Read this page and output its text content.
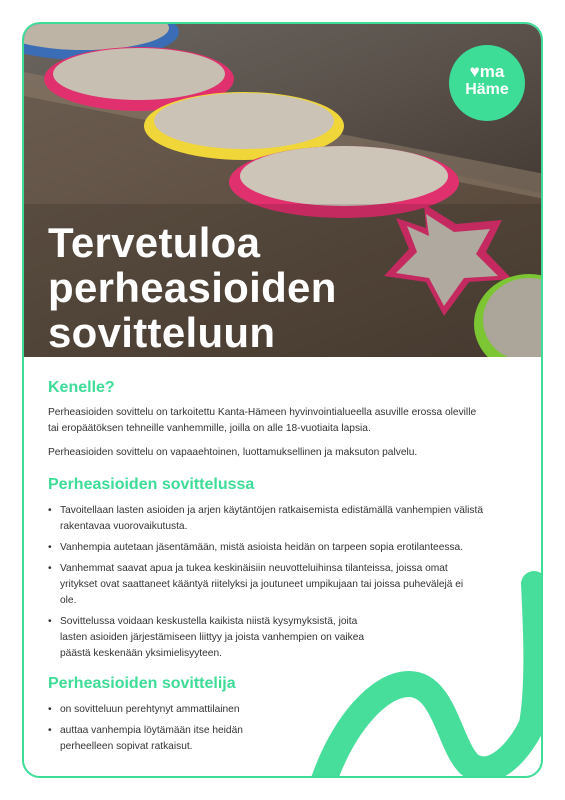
Tervetuloa
perheasioiden
sovitteluun
♥ma
Häme
Kenelle?

Perheasioiden sovittelu on tarkoitettu Kanta-Hämeen hyvinvointialueella asuville erossa oleville tai eropäätöksen tehneille vanhemmille, joilla on alle 18-vuotiaita lapsia.

Perheasioiden sovittelu on vapaaehtoinen, luottamuksellinen ja maksuton palvelu.

Perheasioiden sovittelussa
• Tavoitellaan lasten asioiden ja arjen käytäntöjen ratkaisemista edistämällä vanhempien välistä rakentavaa vuorovaikutusta.
• Vanhempia autetaan jäsentämään, mistä asioista heidän on tarpeen sopia erotilanteessa.
• Vanhemmat saavat apua ja tukea keskinäisiin neuvotteluihinsa tilanteissa, joissa omat yritykset ovat saattaneet kääntyä riitelyksi ja joutuneet umpikujaan tai joissa puhevälejä ei ole.
• Sovittelussa voidaan keskustella kaikista niistä kysymyksistä, joita lasten asioiden järjestämiseen liittyy ja joista vanhempien on vaikea päästä keskenään yksimielisyyteen.
Perheasioiden sovittelija
• on sovitteluun perehtynyt ammattilainen
• auttaa vanhempia löytämään itse heidän perheelleen sopivat ratkaisut.
